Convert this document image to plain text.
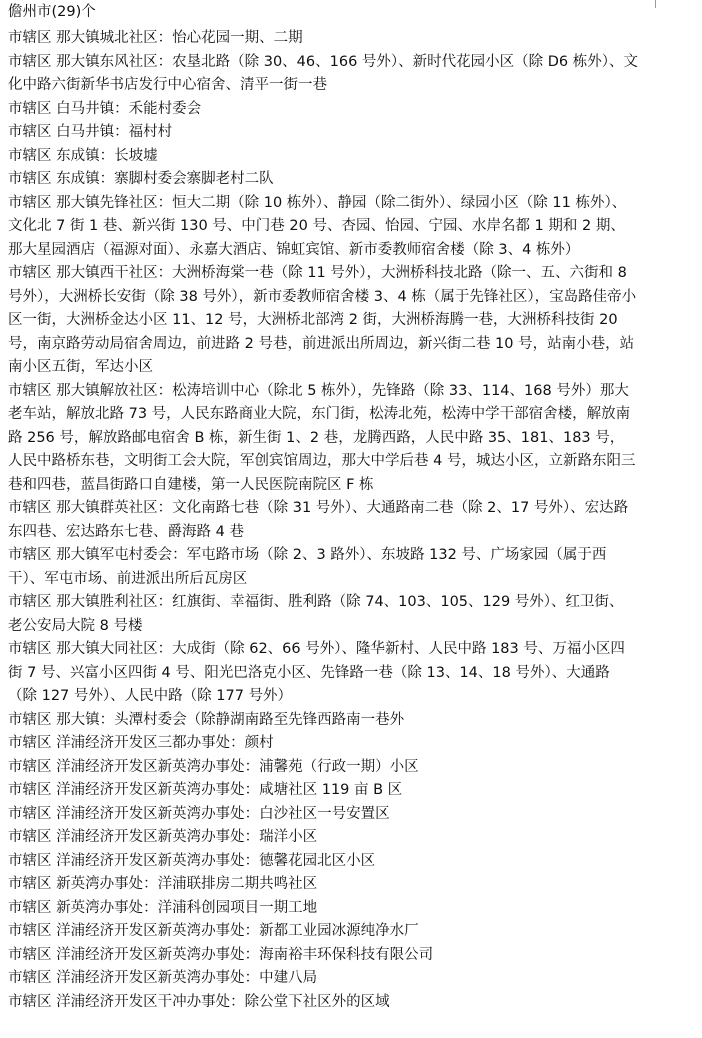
儋州市(29)个

市辖区 那大镇城北社区：怡心花园一期、二期

市辖区 那大镇东风社区：农垦北路（除 30、46、166 号外）、新时代花园小区（除 D6 栋外）、文化中路六街新华书店发行中心宿舍、清平一街一巷

市辖区 白马井镇：禾能村委会

市辖区 白马井镇：福村村

市辖区 东成镇：长坡墟

市辖区 东成镇：寨脚村委会寨脚老村二队

市辖区 那大镇先锋社区：恒大二期（除 10 栋外）、静园（除二街外）、绿园小区（除 11 栋外）、文化北 7 街 1 巷、新兴街 130 号、中门巷 20 号、杏园、怡园、宁园、水岸名都 1 期和 2 期、那大星园酒店（福源对面）、永嘉大酒店、锦虹宾馆、新市委教师宿舍楼（除 3、4 栋外）

市辖区 那大镇西干社区：大洲桥海棠一巷（除 11 号外），大洲桥科技北路（除一、五、六街和 8 号外），大洲桥长安街（除 38 号外），新市委教师宿舍楼 3、4 栋（属于先锋社区），宝岛路佳帝小区一街，大洲桥金达小区 11、12 号，大洲桥北部湾 2 街，大洲桥海腾一巷，大洲桥科技街 20 号，南京路劳动局宿舍周边，前进路 2 号巷，前进派出所周边，新兴街二巷 10 号，站南小巷，站南小区五街，军达小区

市辖区 那大镇解放社区：松涛培训中心（除北 5 栋外），先锋路（除 33、114、168 号外）那大老车站，解放北路 73 号，人民东路商业大院，东门街，松涛北苑，松涛中学干部宿舍楼，解放南路 256 号，解放路邮电宿舍 B 栋，新生街 1、2 巷，龙腾西路，人民中路 35、181、183 号，人民中路桥东巷，文明街工会大院，军创宾馆周边，那大中学后巷 4 号，城达小区，立新路东阳三巷和四巷，蓝昌街路口自建楼，第一人民医院南院区 F 栋

市辖区 那大镇群英社区：文化南路七巷（除 31 号外）、大通路南二巷（除 2、17 号外）、宏达路东四巷、宏达路东七巷、爵海路 4 巷

市辖区 那大镇军屯村委会：军屯路市场（除 2、3 路外）、东坡路 132 号、广场家园（属于西干）、军屯市场、前进派出所后瓦房区

市辖区 那大镇胜利社区：红旗街、幸福街、胜利路（除 74、103、105、129 号外）、红卫街、老公安局大院 8 号楼

市辖区 那大镇大同社区：大成街（除 62、66 号外）、隆华新村、人民中路 183 号、万福小区四街 7 号、兴富小区四街 4 号、阳光巴洛克小区、先锋路一巷（除 13、14、18 号外）、大通路（除 127 号外）、人民中路（除 177 号外）

市辖区 那大镇：头潭村委会（除静湖南路至先锋西路南一巷外

市辖区 洋浦经济开发区三都办事处：颜村

市辖区 洋浦经济开发区新英湾办事处：浦馨苑（行政一期）小区

市辖区 洋浦经济开发区新英湾办事处：咸塘社区 119 亩 B 区

市辖区 洋浦经济开发区新英湾办事处：白沙社区一号安置区

市辖区 洋浦经济开发区新英湾办事处：瑞洋小区

市辖区 洋浦经济开发区新英湾办事处：德馨花园北区小区

市辖区 新英湾办事处：洋浦联排房二期共鸣社区

市辖区 新英湾办事处：洋浦科创园项目一期工地

市辖区 洋浦经济开发区新英湾办事处：新都工业园冰源纯净水厂

市辖区 洋浦经济开发区新英湾办事处：海南裕丰环保科技有限公司

市辖区 洋浦经济开发区新英湾办事处：中建八局

市辖区 洋浦经济开发区干冲办事处：除公堂下社区外的区域
